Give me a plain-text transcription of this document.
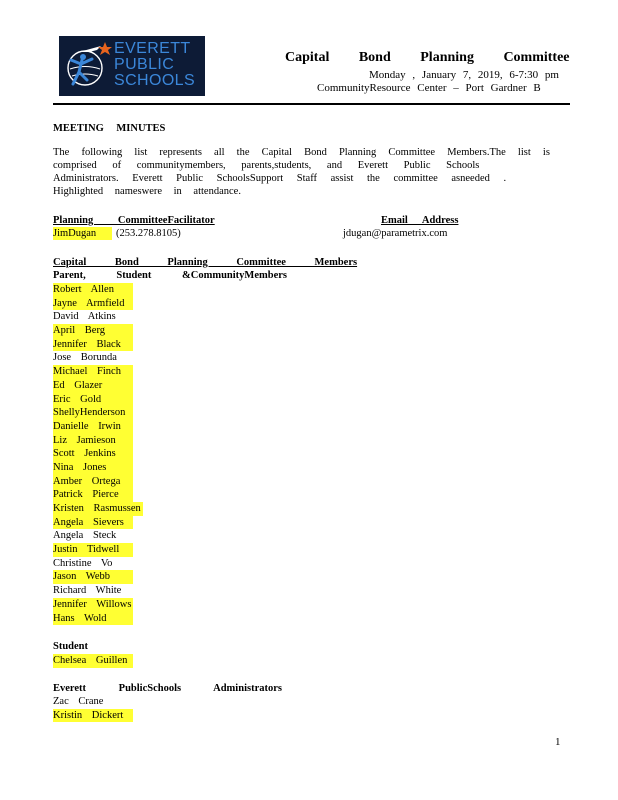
EVERETT
PUBLIC
SCHOOLS
Capital Bond Planning Committee
Monday , January 7, 2019, 6-7:30 pm
CommunityResource Center – Port Gardner B
MEETING MINUTES
The following list represents all the Capital Bond Planning Committee Members.The list is
comprised of communitymembers, parents,students, and Everett Public Schools
Administrators. Everett Public SchoolsSupport Staff assist the committee asneeded .
Highlighted nameswere in attendance.
Planning CommitteeFacilitator	Email Address
JimDugan	(253.278.8105)	jdugan@parametrix.com
Capital Bond Planning Committee Members
Parent, Student &CommunityMembers
Robert Allen
Jayne Armfield
David Atkins
April Berg
Jennifer Black
Jose Borunda
Michael Finch
Ed Glazer
Eric Gold
ShellyHenderson
Danielle Irwin
Liz Jamieson
Scott Jenkins
Nina Jones
Amber Ortega
Patrick Pierce
Kristen Rasmussen
Angela Sievers
Angela Steck
Justin Tidwell
Christine Vo
Jason Webb
Richard White
Jennifer Willows
Hans Wold
Student
Chelsea Guillen
Everett PublicSchools Administrators
Zac Crane
Kristin Dickert
1
